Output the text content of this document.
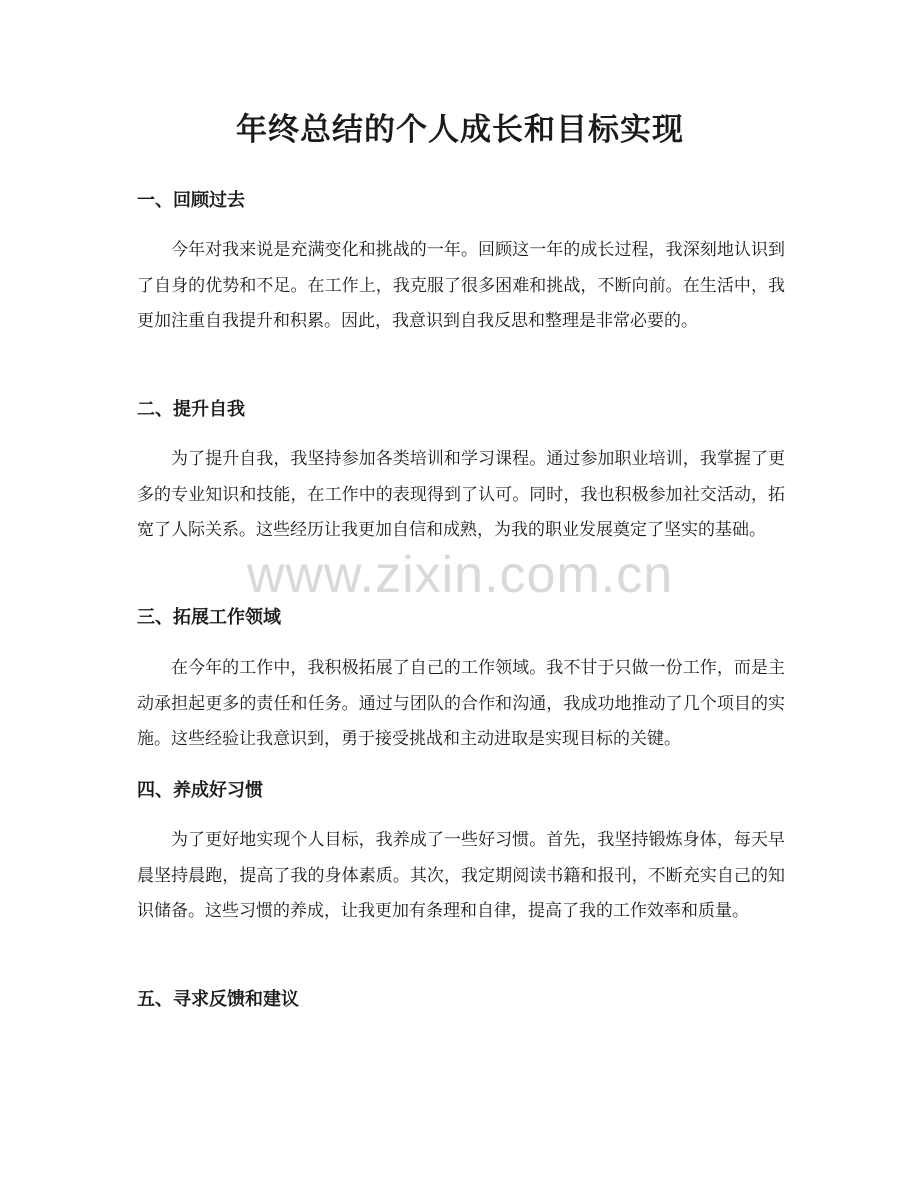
年终总结的个人成长和目标实现
一、回顾过去

今年对我来说是充满变化和挑战的一年。回顾这一年的成长过程，我深刻地认识到了自身的优势和不足。在工作上，我克服了很多困难和挑战，不断向前。在生活中，我更加注重自我提升和积累。因此，我意识到自我反思和整理是非常必要的。

二、提升自我

为了提升自我，我坚持参加各类培训和学习课程。通过参加职业培训，我掌握了更多的专业知识和技能，在工作中的表现得到了认可。同时，我也积极参加社交活动，拓宽了人际关系。这些经历让我更加自信和成熟，为我的职业发展奠定了坚实的基础。

三、拓展工作领域

在今年的工作中，我积极拓展了自己的工作领域。我不甘于只做一份工作，而是主动承担起更多的责任和任务。通过与团队的合作和沟通，我成功地推动了几个项目的实施。这些经验让我意识到，勇于接受挑战和主动进取是实现目标的关键。

四、养成好习惯

为了更好地实现个人目标，我养成了一些好习惯。首先，我坚持锻炼身体，每天早晨坚持晨跑，提高了我的身体素质。其次，我定期阅读书籍和报刊，不断充实自己的知识储备。这些习惯的养成，让我更加有条理和自律，提高了我的工作效率和质量。

五、寻求反馈和建议
www.zixin.com.cn
